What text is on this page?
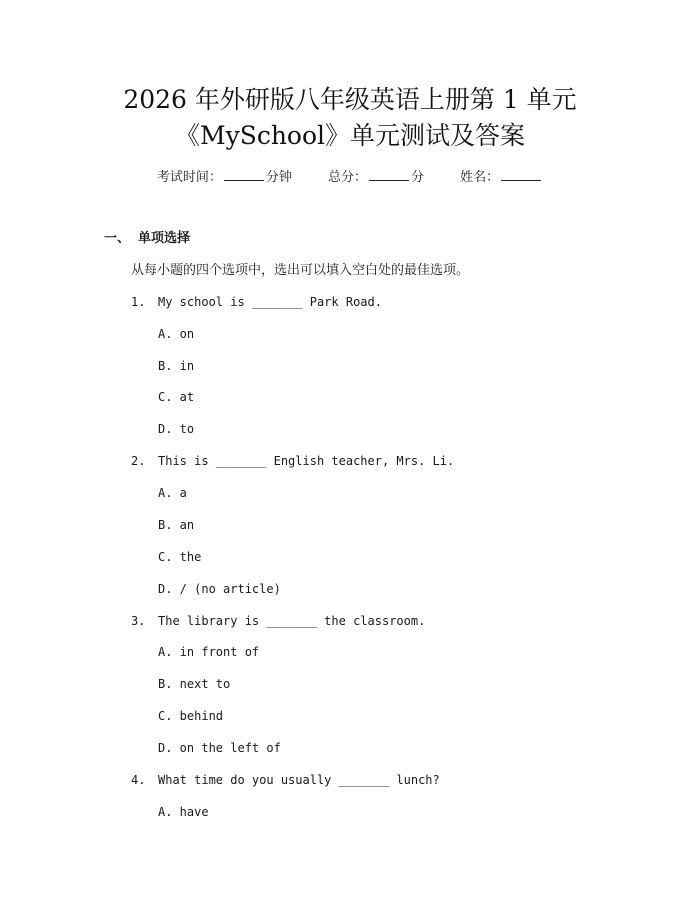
2026 年外研版八年级英语上册第 1 单元
《MySchool》单元测试及答案
考试时间：	分钟	总分：	分	姓名：
一、 单项选择
从每小题的四个选项中，选出可以填入空白处的最佳选项。
1. My school is _______ Park Road.
A. on
B. in
C. at
D. to
2. This is _______ English teacher, Mrs. Li.
A. a
B. an
C. the
D. / (no article)
3. The library is _______ the classroom.
A. in front of
B. next to
C. behind
D. on the left of
4. What time do you usually _______ lunch?
A. have
